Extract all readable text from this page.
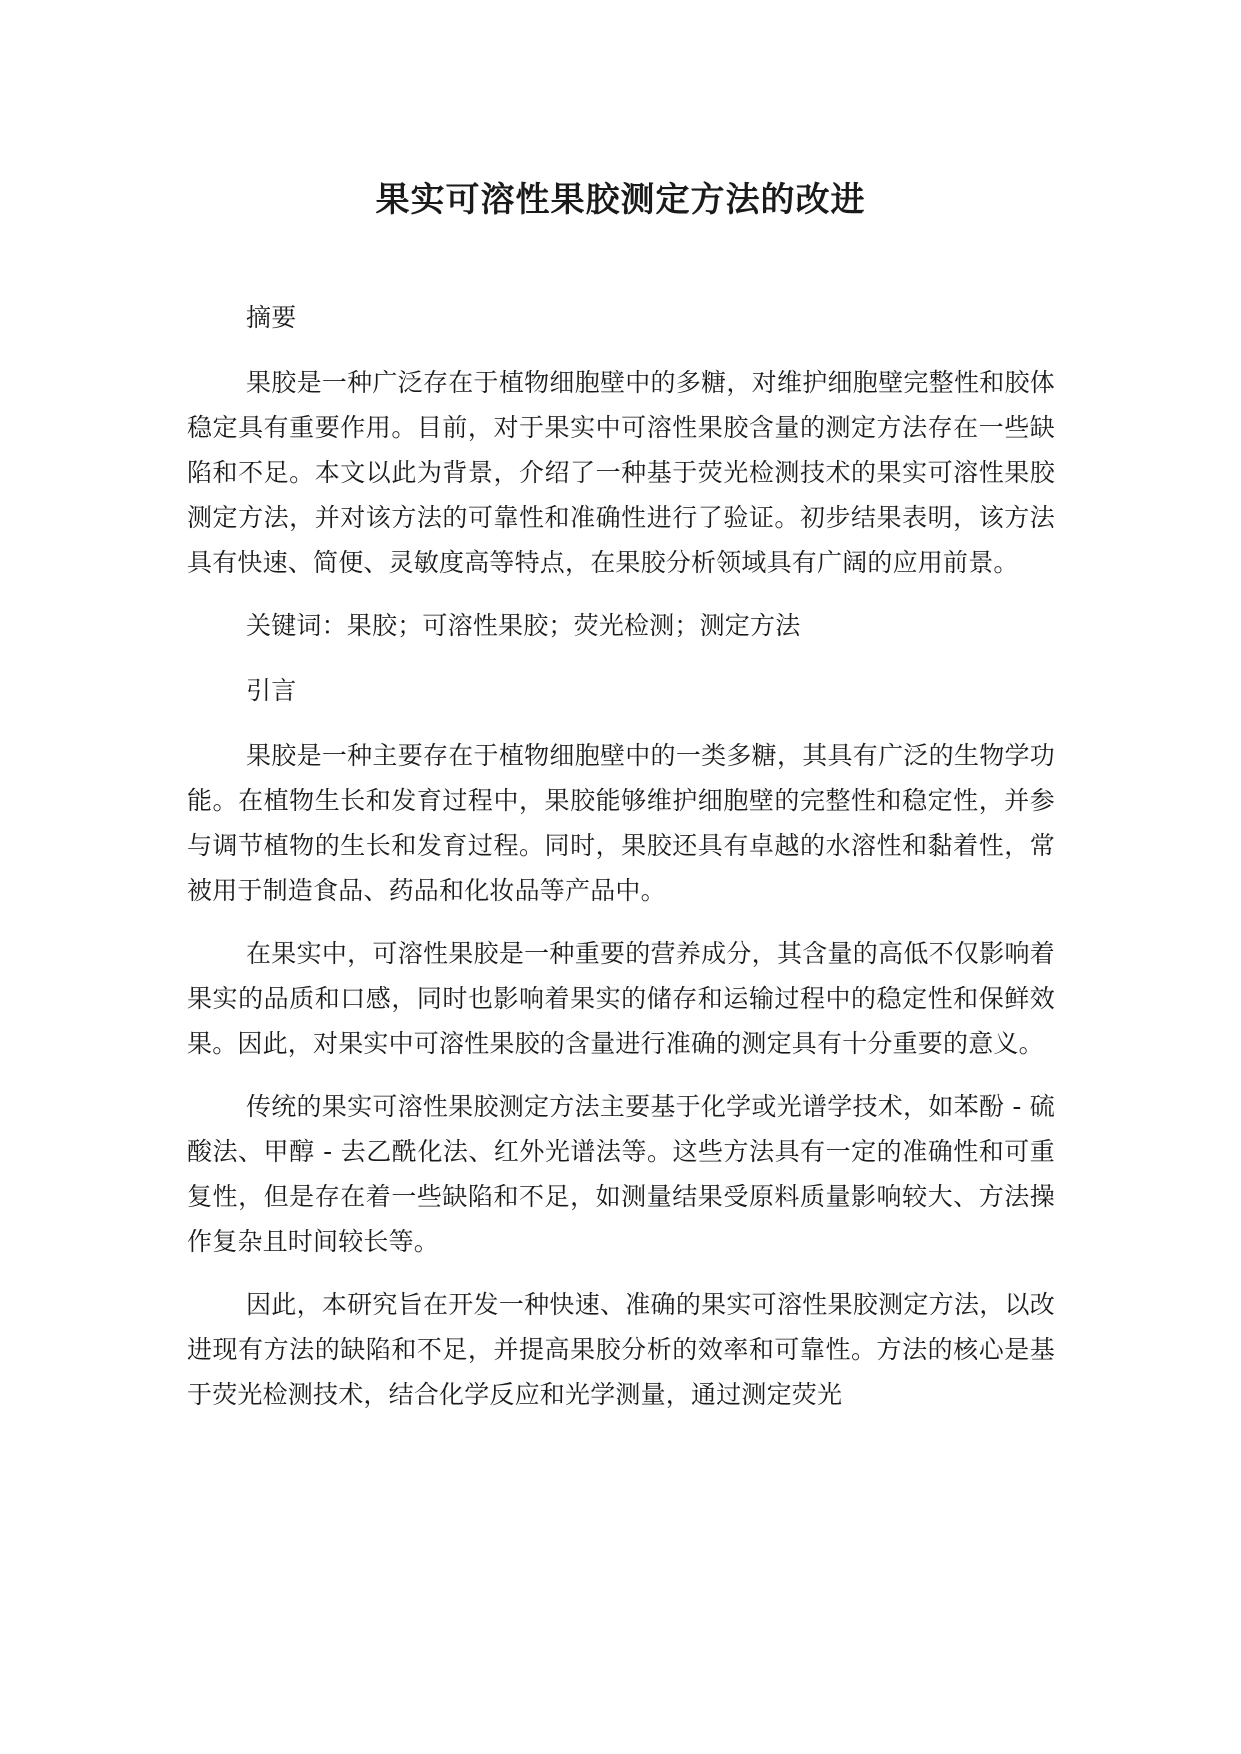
果实可溶性果胶测定方法的改进

摘要

果胶是一种广泛存在于植物细胞壁中的多糖，对维护细胞壁完整性和胶体稳定具有重要作用。目前，对于果实中可溶性果胶含量的测定方法存在一些缺陷和不足。本文以此为背景，介绍了一种基于荧光检测技术的果实可溶性果胶测定方法，并对该方法的可靠性和准确性进行了验证。初步结果表明，该方法具有快速、简便、灵敏度高等特点，在果胶分析领域具有广阔的应用前景。

关键词：果胶；可溶性果胶；荧光检测；测定方法

引言

果胶是一种主要存在于植物细胞壁中的一类多糖，其具有广泛的生物学功能。在植物生长和发育过程中，果胶能够维护细胞壁的完整性和稳定性，并参与调节植物的生长和发育过程。同时，果胶还具有卓越的水溶性和黏着性，常被用于制造食品、药品和化妆品等产品中。

在果实中，可溶性果胶是一种重要的营养成分，其含量的高低不仅影响着果实的品质和口感，同时也影响着果实的储存和运输过程中的稳定性和保鲜效果。因此，对果实中可溶性果胶的含量进行准确的测定具有十分重要的意义。

传统的果实可溶性果胶测定方法主要基于化学或光谱学技术，如苯酚 - 硫酸法、甲醇 - 去乙酰化法、红外光谱法等。这些方法具有一定的准确性和可重复性，但是存在着一些缺陷和不足，如测量结果受原料质量影响较大、方法操作复杂且时间较长等。

因此，本研究旨在开发一种快速、准确的果实可溶性果胶测定方法，以改进现有方法的缺陷和不足，并提高果胶分析的效率和可靠性。方法的核心是基于荧光检测技术，结合化学反应和光学测量，通过测定荧光
